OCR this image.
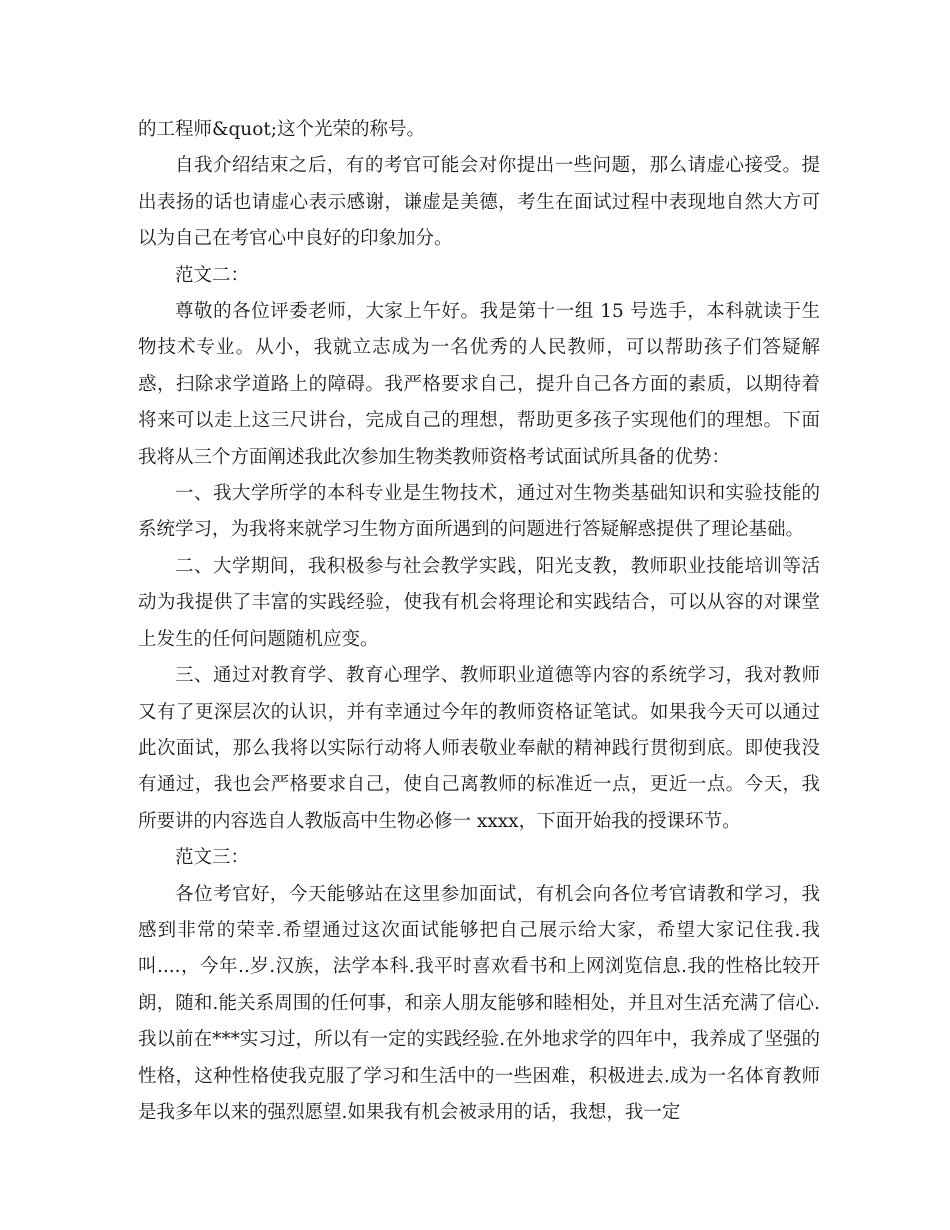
的工程师&quot;这个光荣的称号。

自我介绍结束之后，有的考官可能会对你提出一些问题，那么请虚心接受。提出表扬的话也请虚心表示感谢，谦虚是美德，考生在面试过程中表现地自然大方可以为自己在考官心中良好的印象加分。

范文二：

尊敬的各位评委老师，大家上午好。我是第十一组 15 号选手，本科就读于生物技术专业。从小，我就立志成为一名优秀的人民教师，可以帮助孩子们答疑解惑，扫除求学道路上的障碍。我严格要求自己，提升自己各方面的素质，以期待着将来可以走上这三尺讲台，完成自己的理想，帮助更多孩子实现他们的理想。下面我将从三个方面阐述我此次参加生物类教师资格考试面试所具备的优势：

一、我大学所学的本科专业是生物技术，通过对生物类基础知识和实验技能的系统学习，为我将来就学习生物方面所遇到的问题进行答疑解惑提供了理论基础。

二、大学期间，我积极参与社会教学实践，阳光支教，教师职业技能培训等活动为我提供了丰富的实践经验，使我有机会将理论和实践结合，可以从容的对课堂上发生的任何问题随机应变。

三、通过对教育学、教育心理学、教师职业道德等内容的系统学习，我对教师又有了更深层次的认识，并有幸通过今年的教师资格证笔试。如果我今天可以通过此次面试，那么我将以实际行动将人师表敬业奉献的精神践行贯彻到底。即使我没有通过，我也会严格要求自己，使自己离教师的标准近一点，更近一点。今天，我所要讲的内容选自人教版高中生物必修一 xxxx，下面开始我的授课环节。

范文三：

各位考官好，今天能够站在这里参加面试，有机会向各位考官请教和学习，我感到非常的荣幸.希望通过这次面试能够把自己展示给大家，希望大家记住我.我叫....，今年..岁.汉族，法学本科.我平时喜欢看书和上网浏览信息.我的性格比较开朗，随和.能关系周围的任何事，和亲人朋友能够和睦相处，并且对生活充满了信心.我以前在***实习过，所以有一定的实践经验.在外地求学的四年中，我养成了坚强的性格，这种性格使我克服了学习和生活中的一些困难，积极进去.成为一名体育教师是我多年以来的强烈愿望.如果我有机会被录用的话，我想，我一定
